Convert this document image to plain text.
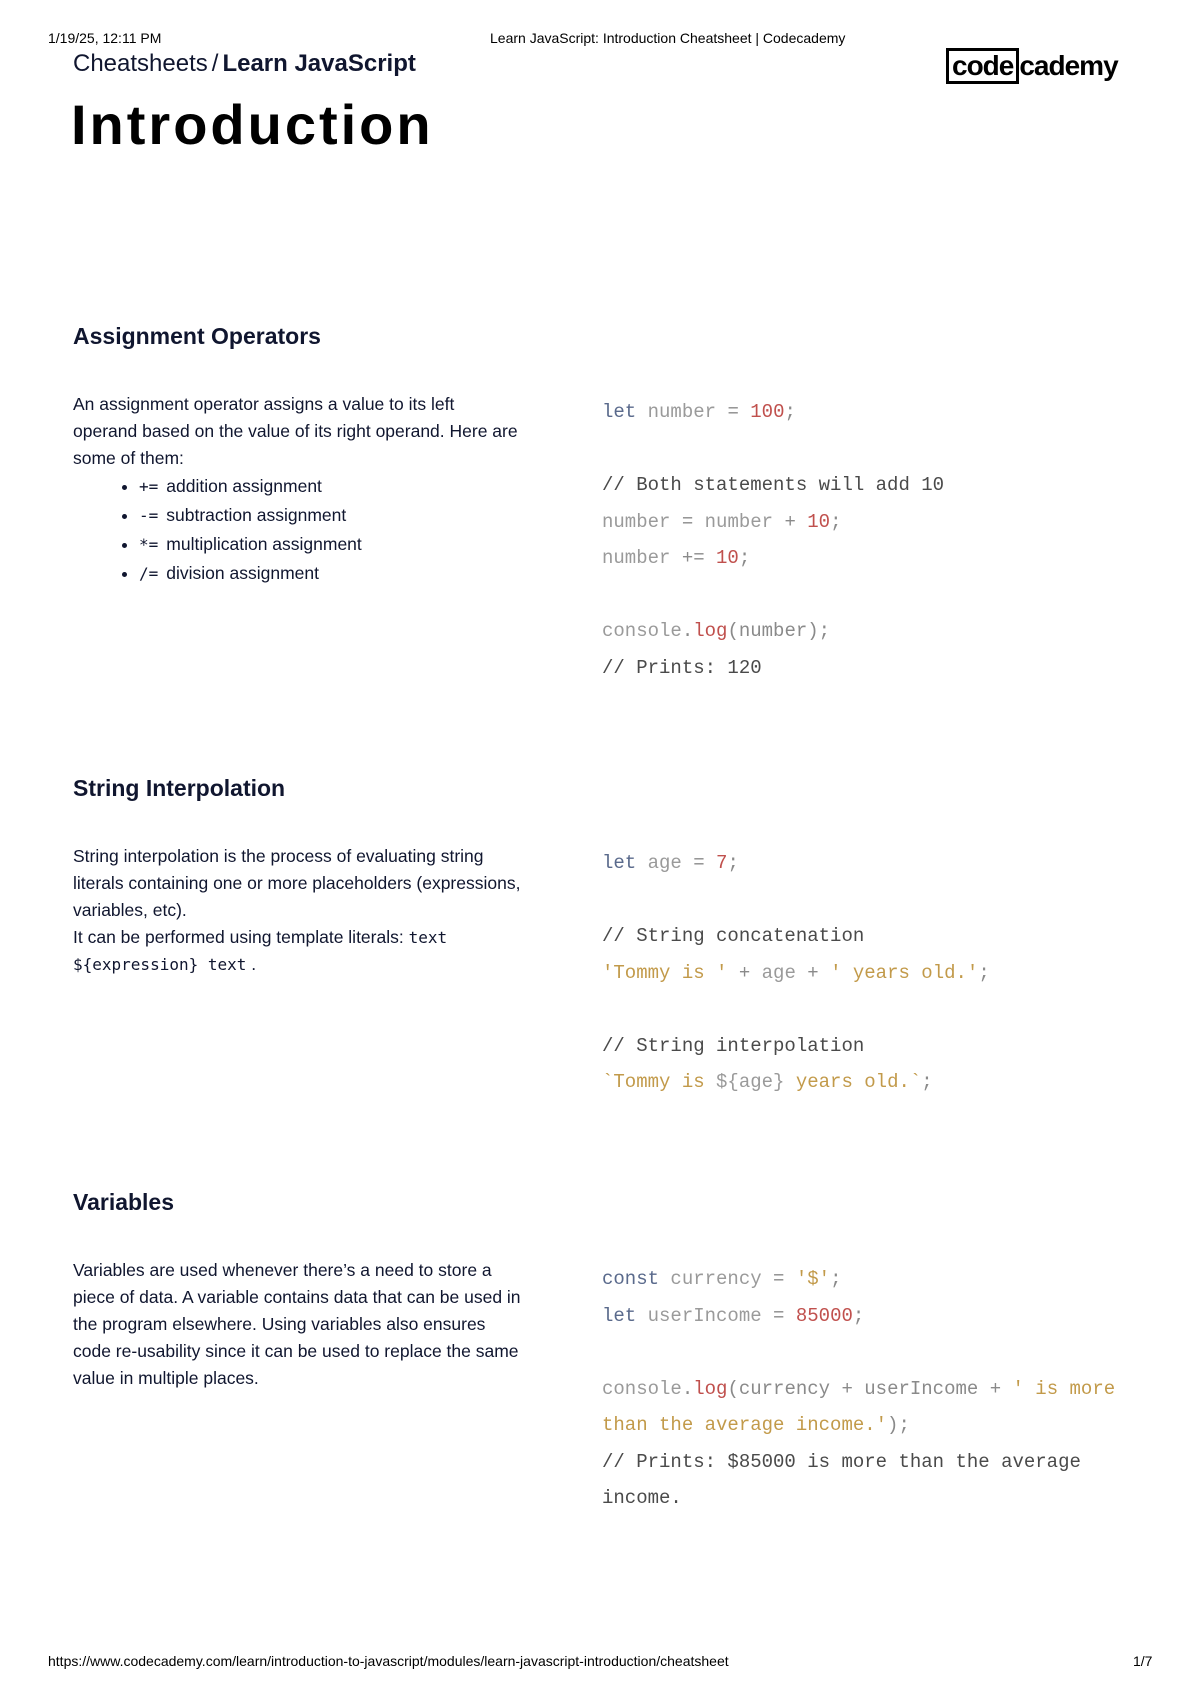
1/19/25, 12:11 PM	Learn JavaScript: Introduction Cheatsheet | Codecademy
Cheatsheets / Learn JavaScript	code cademy
Introduction
Assignment Operators

An assignment operator assigns a value to its left operand based on the value of its right operand. Here are some of them:

• += addition assignment
• -= subtraction assignment
• *= multiplication assignment
• /= division assignment
let number = 100;

// Both statements will add 10
number = number + 10;
number += 10;

console.log(number);
// Prints: 120
String Interpolation

String interpolation is the process of evaluating string literals containing one or more placeholders (expressions, variables, etc).

It can be performed using template literals: text ${expression} text .

let age = 7;

// String concatenation
'Tommy is ' + age + ' years old.';

// String interpolation
`Tommy is ${age} years old.`;
Variables

Variables are used whenever there’s a need to store a piece of data. A variable contains data that can be used in the program elsewhere. Using variables also ensures code re-usability since it can be used to replace the same value in multiple places.

const currency = '$';
let userIncome = 85000;

console.log(currency + userIncome + ' is more than the average income.');
// Prints: $85000 is more than the average income.
https://www.codecademy.com/learn/introduction-to-javascript/modules/learn-javascript-introduction/cheatsheet	1/7
